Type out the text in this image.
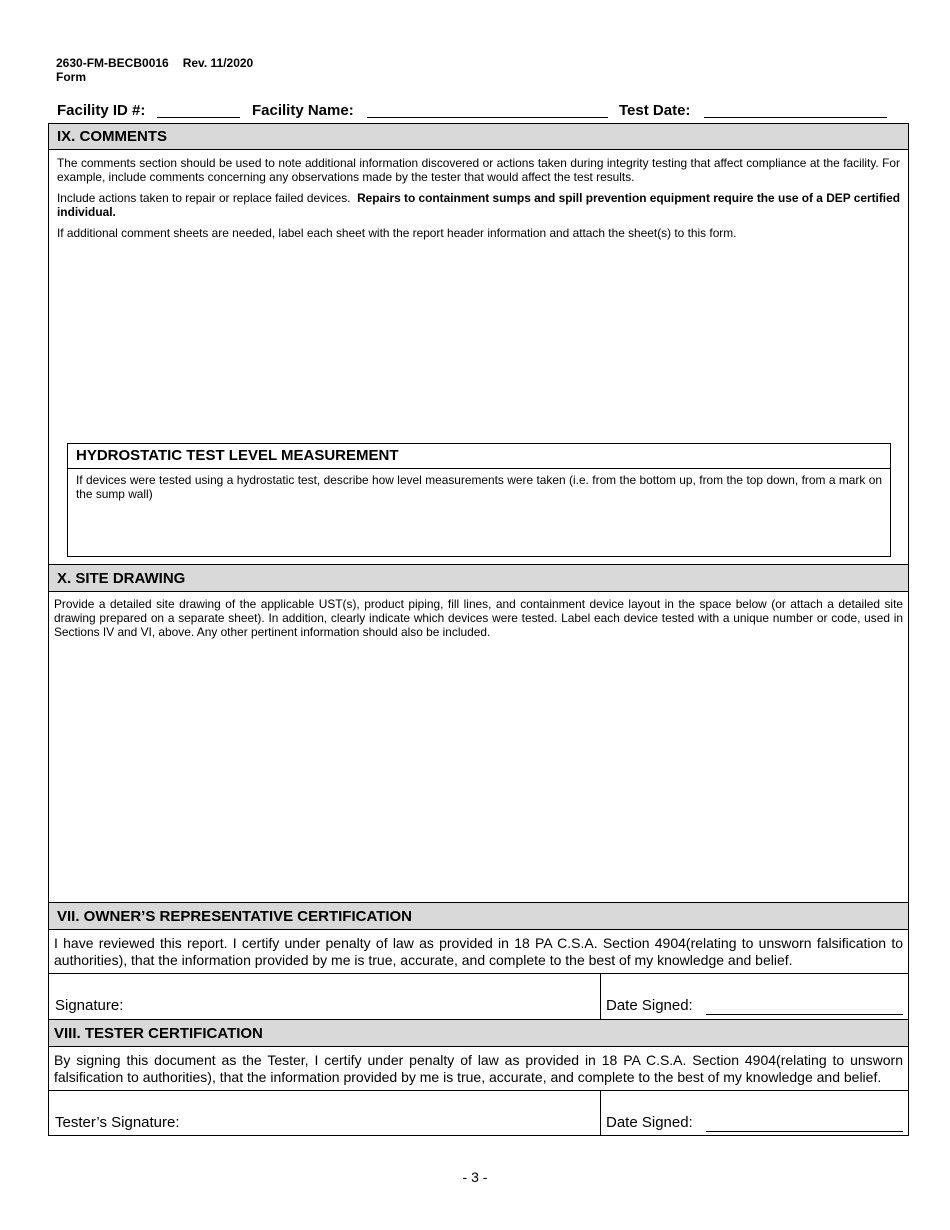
2630-FM-BECB0016 Rev. 11/2020
Form
Facility ID #:	Facility Name:	Test Date:
IX. COMMENTS
The comments section should be used to note additional information discovered or actions taken during integrity testing that affect compliance at the facility. For example, include comments concerning any observations made by the tester that would affect the test results.
Include actions taken to repair or replace failed devices. Repairs to containment sumps and spill prevention equipment require the use of a DEP certified individual.
If additional comment sheets are needed, label each sheet with the report header information and attach the sheet(s) to this form.
HYDROSTATIC TEST LEVEL MEASUREMENT
If devices were tested using a hydrostatic test, describe how level measurements were taken (i.e. from the bottom up, from the top down, from a mark on the sump wall)
X. SITE DRAWING
Provide a detailed site drawing of the applicable UST(s), product piping, fill lines, and containment device layout in the space below (or attach a detailed site drawing prepared on a separate sheet). In addition, clearly indicate which devices were tested. Label each device tested with a unique number or code, used in Sections IV and VI, above. Any other pertinent information should also be included.
VII. OWNER’S REPRESENTATIVE CERTIFICATION
I have reviewed this report. I certify under penalty of law as provided in 18 PA C.S.A. Section 4904(relating to unsworn falsification to authorities), that the information provided by me is true, accurate, and complete to the best of my knowledge and belief.
Signature:	Date Signed:
VIII. TESTER CERTIFICATION
By signing this document as the Tester, I certify under penalty of law as provided in 18 PA C.S.A. Section 4904(relating to unsworn falsification to authorities), that the information provided by me is true, accurate, and complete to the best of my knowledge and belief.
Tester’s Signature:	Date Signed:
- 3 -
